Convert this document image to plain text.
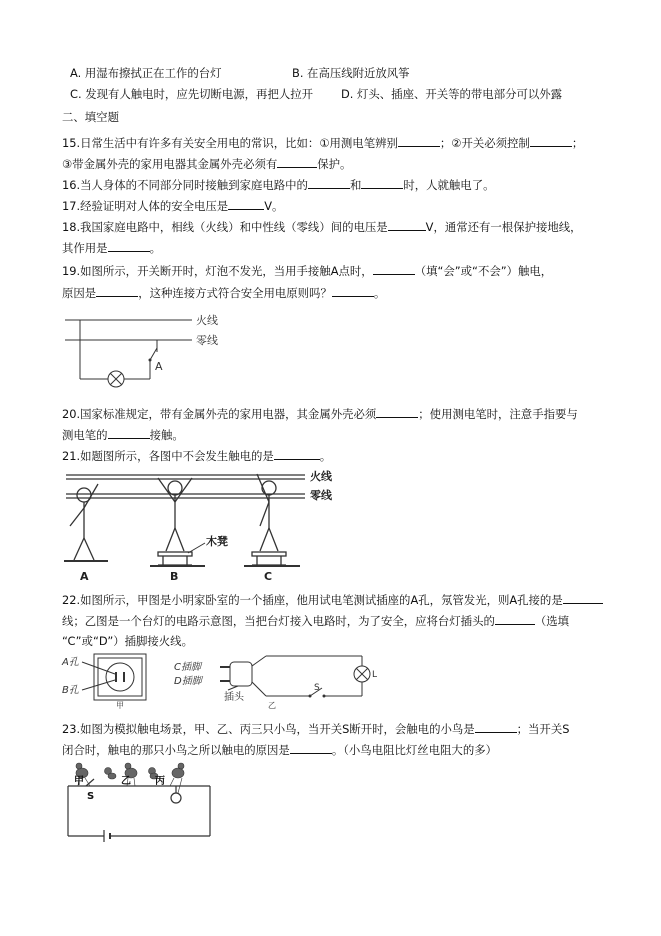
A. 用湿布擦拭正在工作的台灯	B. 在高压线附近放风筝
C. 发现有人触电时，应先切断电源，再把人拉开 D. 灯头、插座、开关等的带电部分可以外露
二、填空题
15.日常生活中有许多有关安全用电的常识，比如：①用测电笔辨别	；②开关必须控制	；
③带金属外壳的家用电器其金属外壳必须有	保护。
16.当人身体的不同部分同时接触到家庭电路中的	和	时，人就触电了。
17.经验证明对人体的安全电压是	V。
18.我国家庭电路中，相线（火线）和中性线（零线）间的电压是	V，通常还有一根保护接地线，
其作用是	。
19.如图所示，开关断开时，灯泡不发光，当用手接触A点时，	（填“会”或“不会”）触电，
原因是	，这种连接方式符合安全用电原则吗？	。
A
火线
零线
20.国家标准规定，带有金属外壳的家用电器，其金属外壳必须	；使用测电笔时，注意手指要与
测电笔的	接触。
21.如题图所示，各图中不会发生触电的是	。
火线
零线
木凳
A	B	C
22.如图所示，甲图是小明家卧室的一个插座，他用试电笔测试插座的A孔，氖管发光，则A孔接的是
线；乙图是一个台灯的电路示意图，当把台灯接入电路时，为了安全，应将台灯插头的	（选填
“C”或“D”）插脚接火线。
A孔
B孔
甲
C插脚
D插脚
插头
S
L
乙
23.如图为模拟触电场景，甲、乙、丙三只小鸟，当开关S断开时，会触电的小鸟是	；当开关S
闭合时，触电的那只小鸟之所以触电的原因是	。（小鸟电阻比灯丝电阻大的多）
甲	乙 丙
S
